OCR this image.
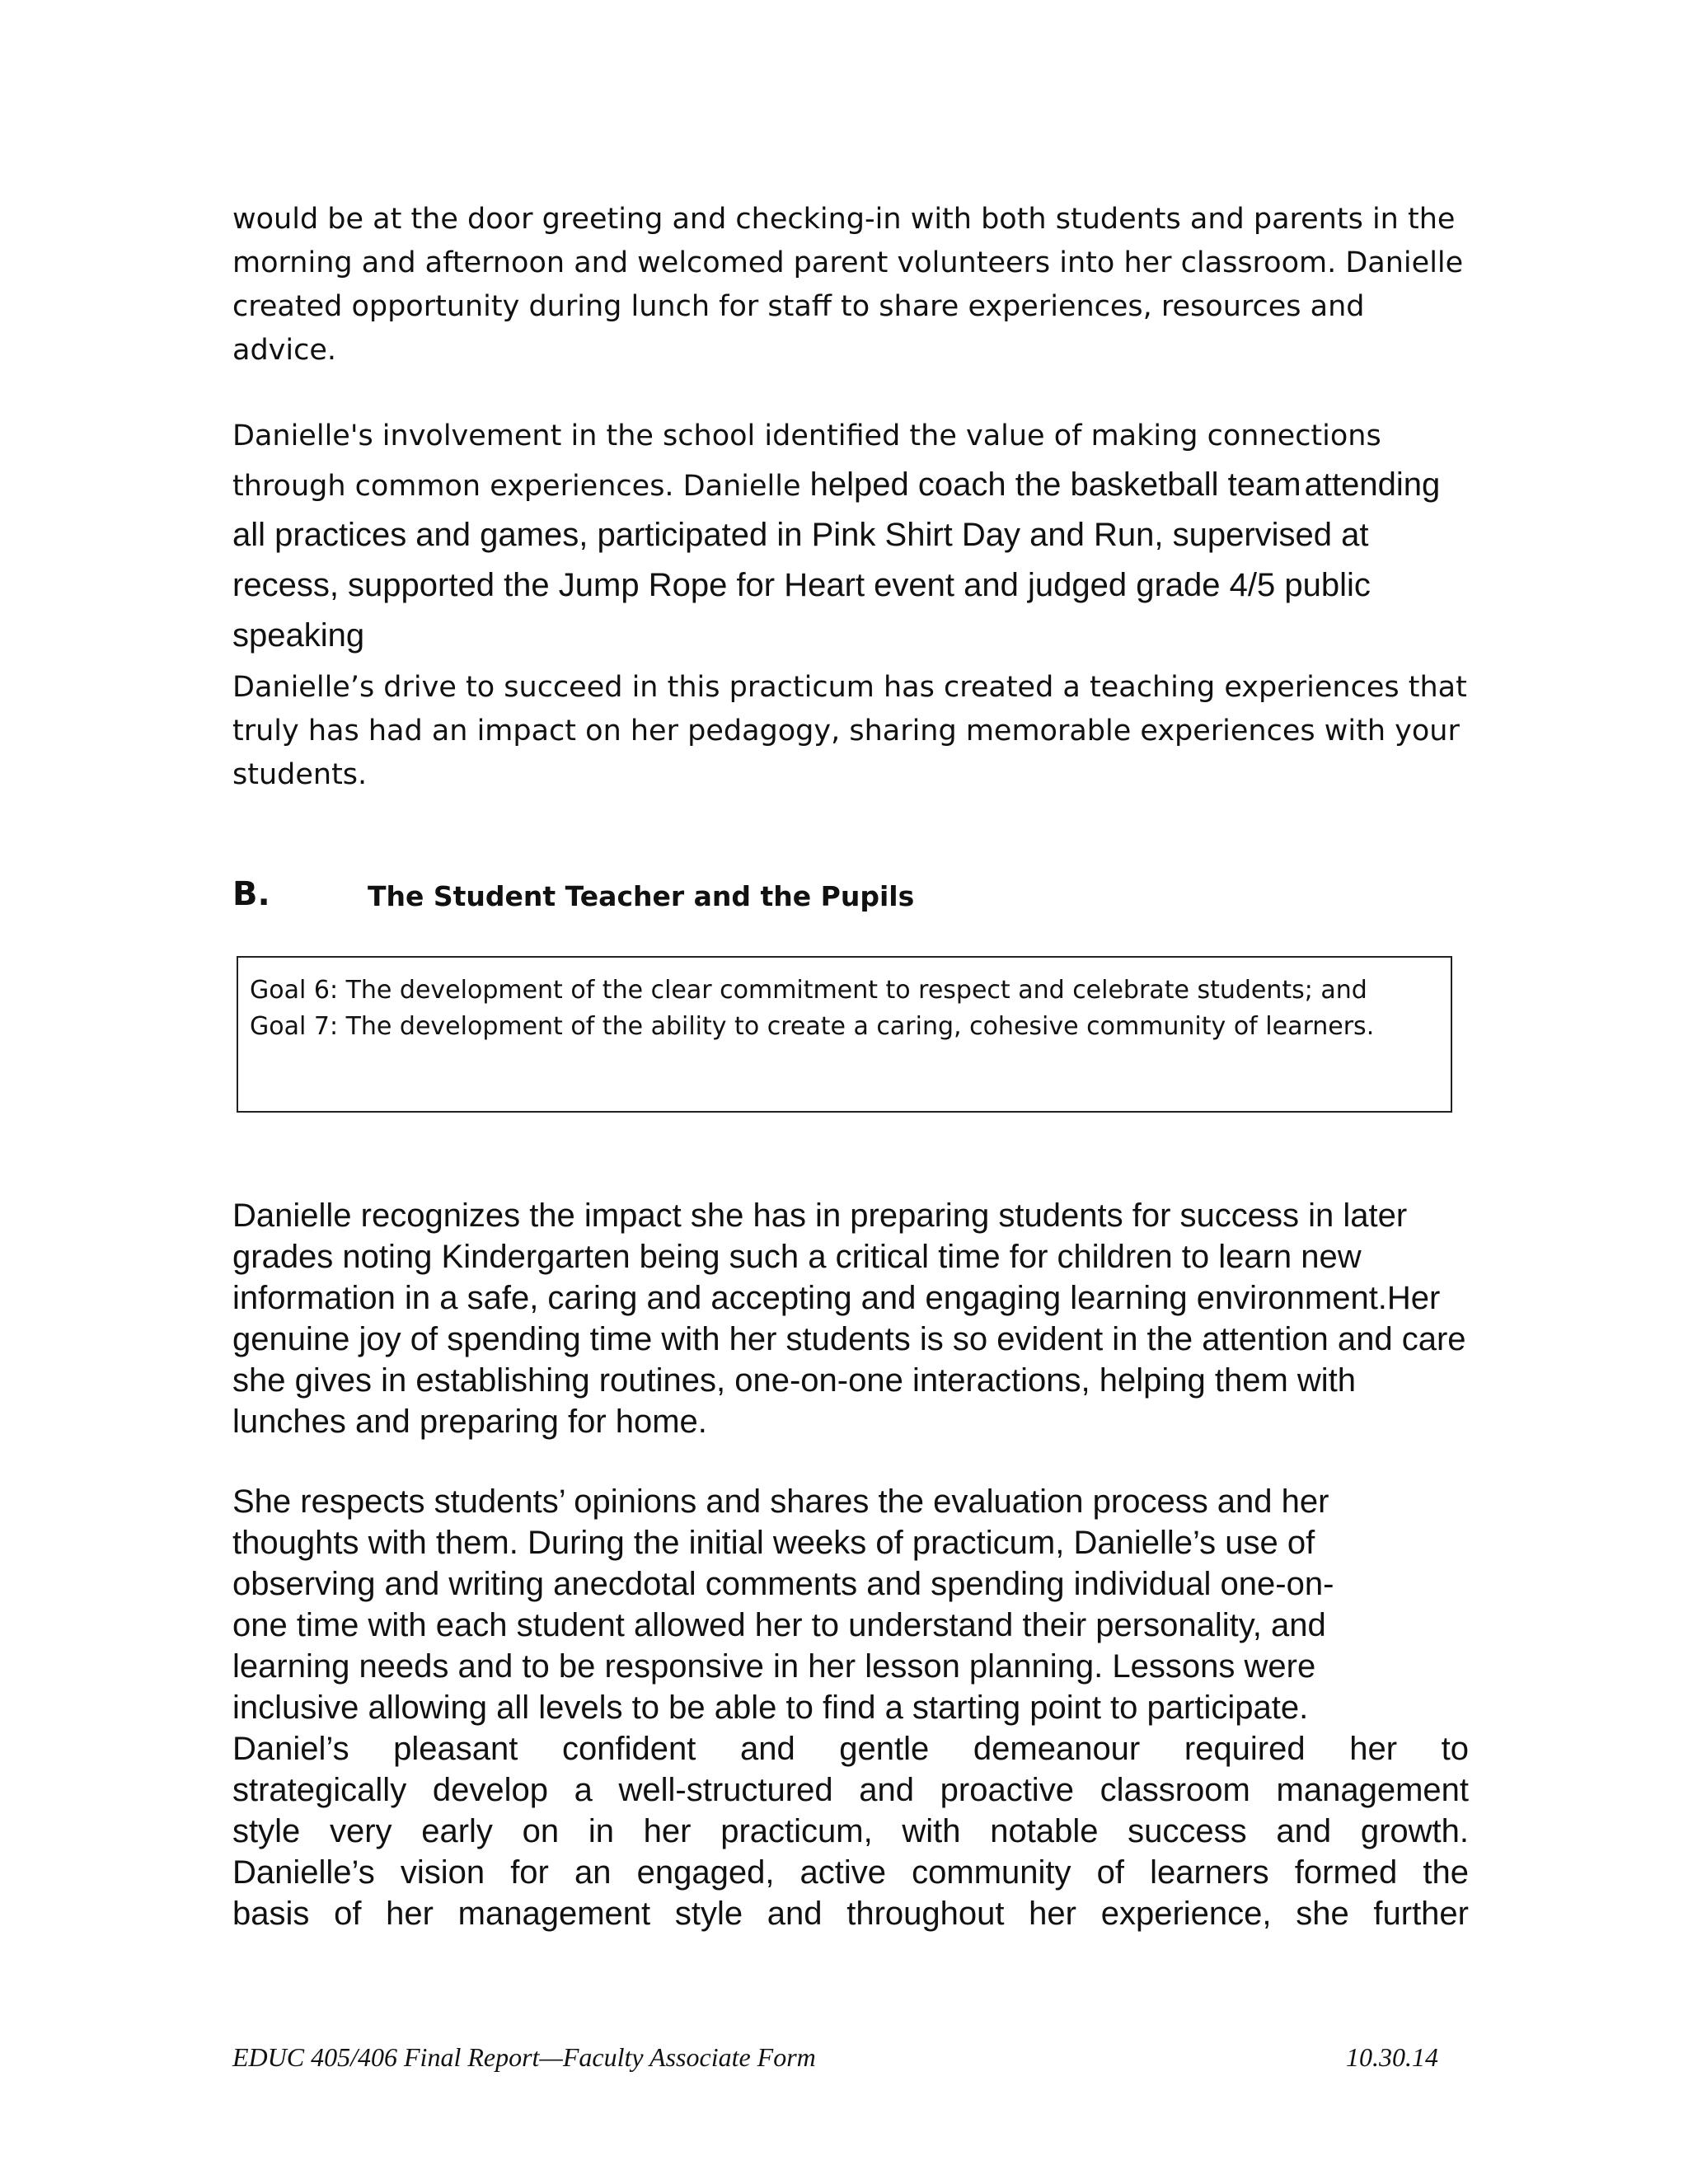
would be at the door greeting and checking-in with both students and parents in the morning and afternoon and welcomed parent volunteers into her classroom. Danielle created opportunity during lunch for staff to share experiences, resources and advice.

Danielle's involvement in the school identified the value of making connections through common experiences. Danielle helped coach the basketball team attending all practices and games, participated in Pink Shirt Day and Run, supervised at recess, supported the Jump Rope for Heart event and judged grade 4/5 public speaking

Danielle’s drive to succeed in this practicum has created a teaching experiences that truly has had an impact on her pedagogy, sharing memorable experiences with your students.

B.	The Student Teacher and the Pupils
Goal 6: The development of the clear commitment to respect and celebrate students; and
Goal 7: The development of the ability to create a caring, cohesive community of learners.

Danielle recognizes the impact she has in preparing students for success in later grades noting Kindergarten being such a critical time for children to learn new information in a safe, caring and accepting and engaging learning environment.Her genuine joy of spending time with her students is so evident in the attention and care she gives in establishing routines, one-on-one interactions, helping them with lunches and preparing for home.

She respects students’ opinions and shares the evaluation process and her
thoughts with them. During the initial weeks of practicum, Danielle’s use of
observing and writing anecdotal comments and spending individual one-on-
one time with each student allowed her to understand their personality, and
learning needs and to be responsive in her lesson planning. Lessons were
inclusive allowing all levels to be able to find a starting point to participate.
Daniel’s pleasant confident and gentle demeanour required her to
strategically develop a well-structured and proactive classroom management
style very early on in her practicum, with notable success and growth.
Danielle’s vision for an engaged, active community of learners formed the
basis of her management style and throughout her experience, she further

EDUC 405/406 Final Report—Faculty Associate Form	10.30.14
